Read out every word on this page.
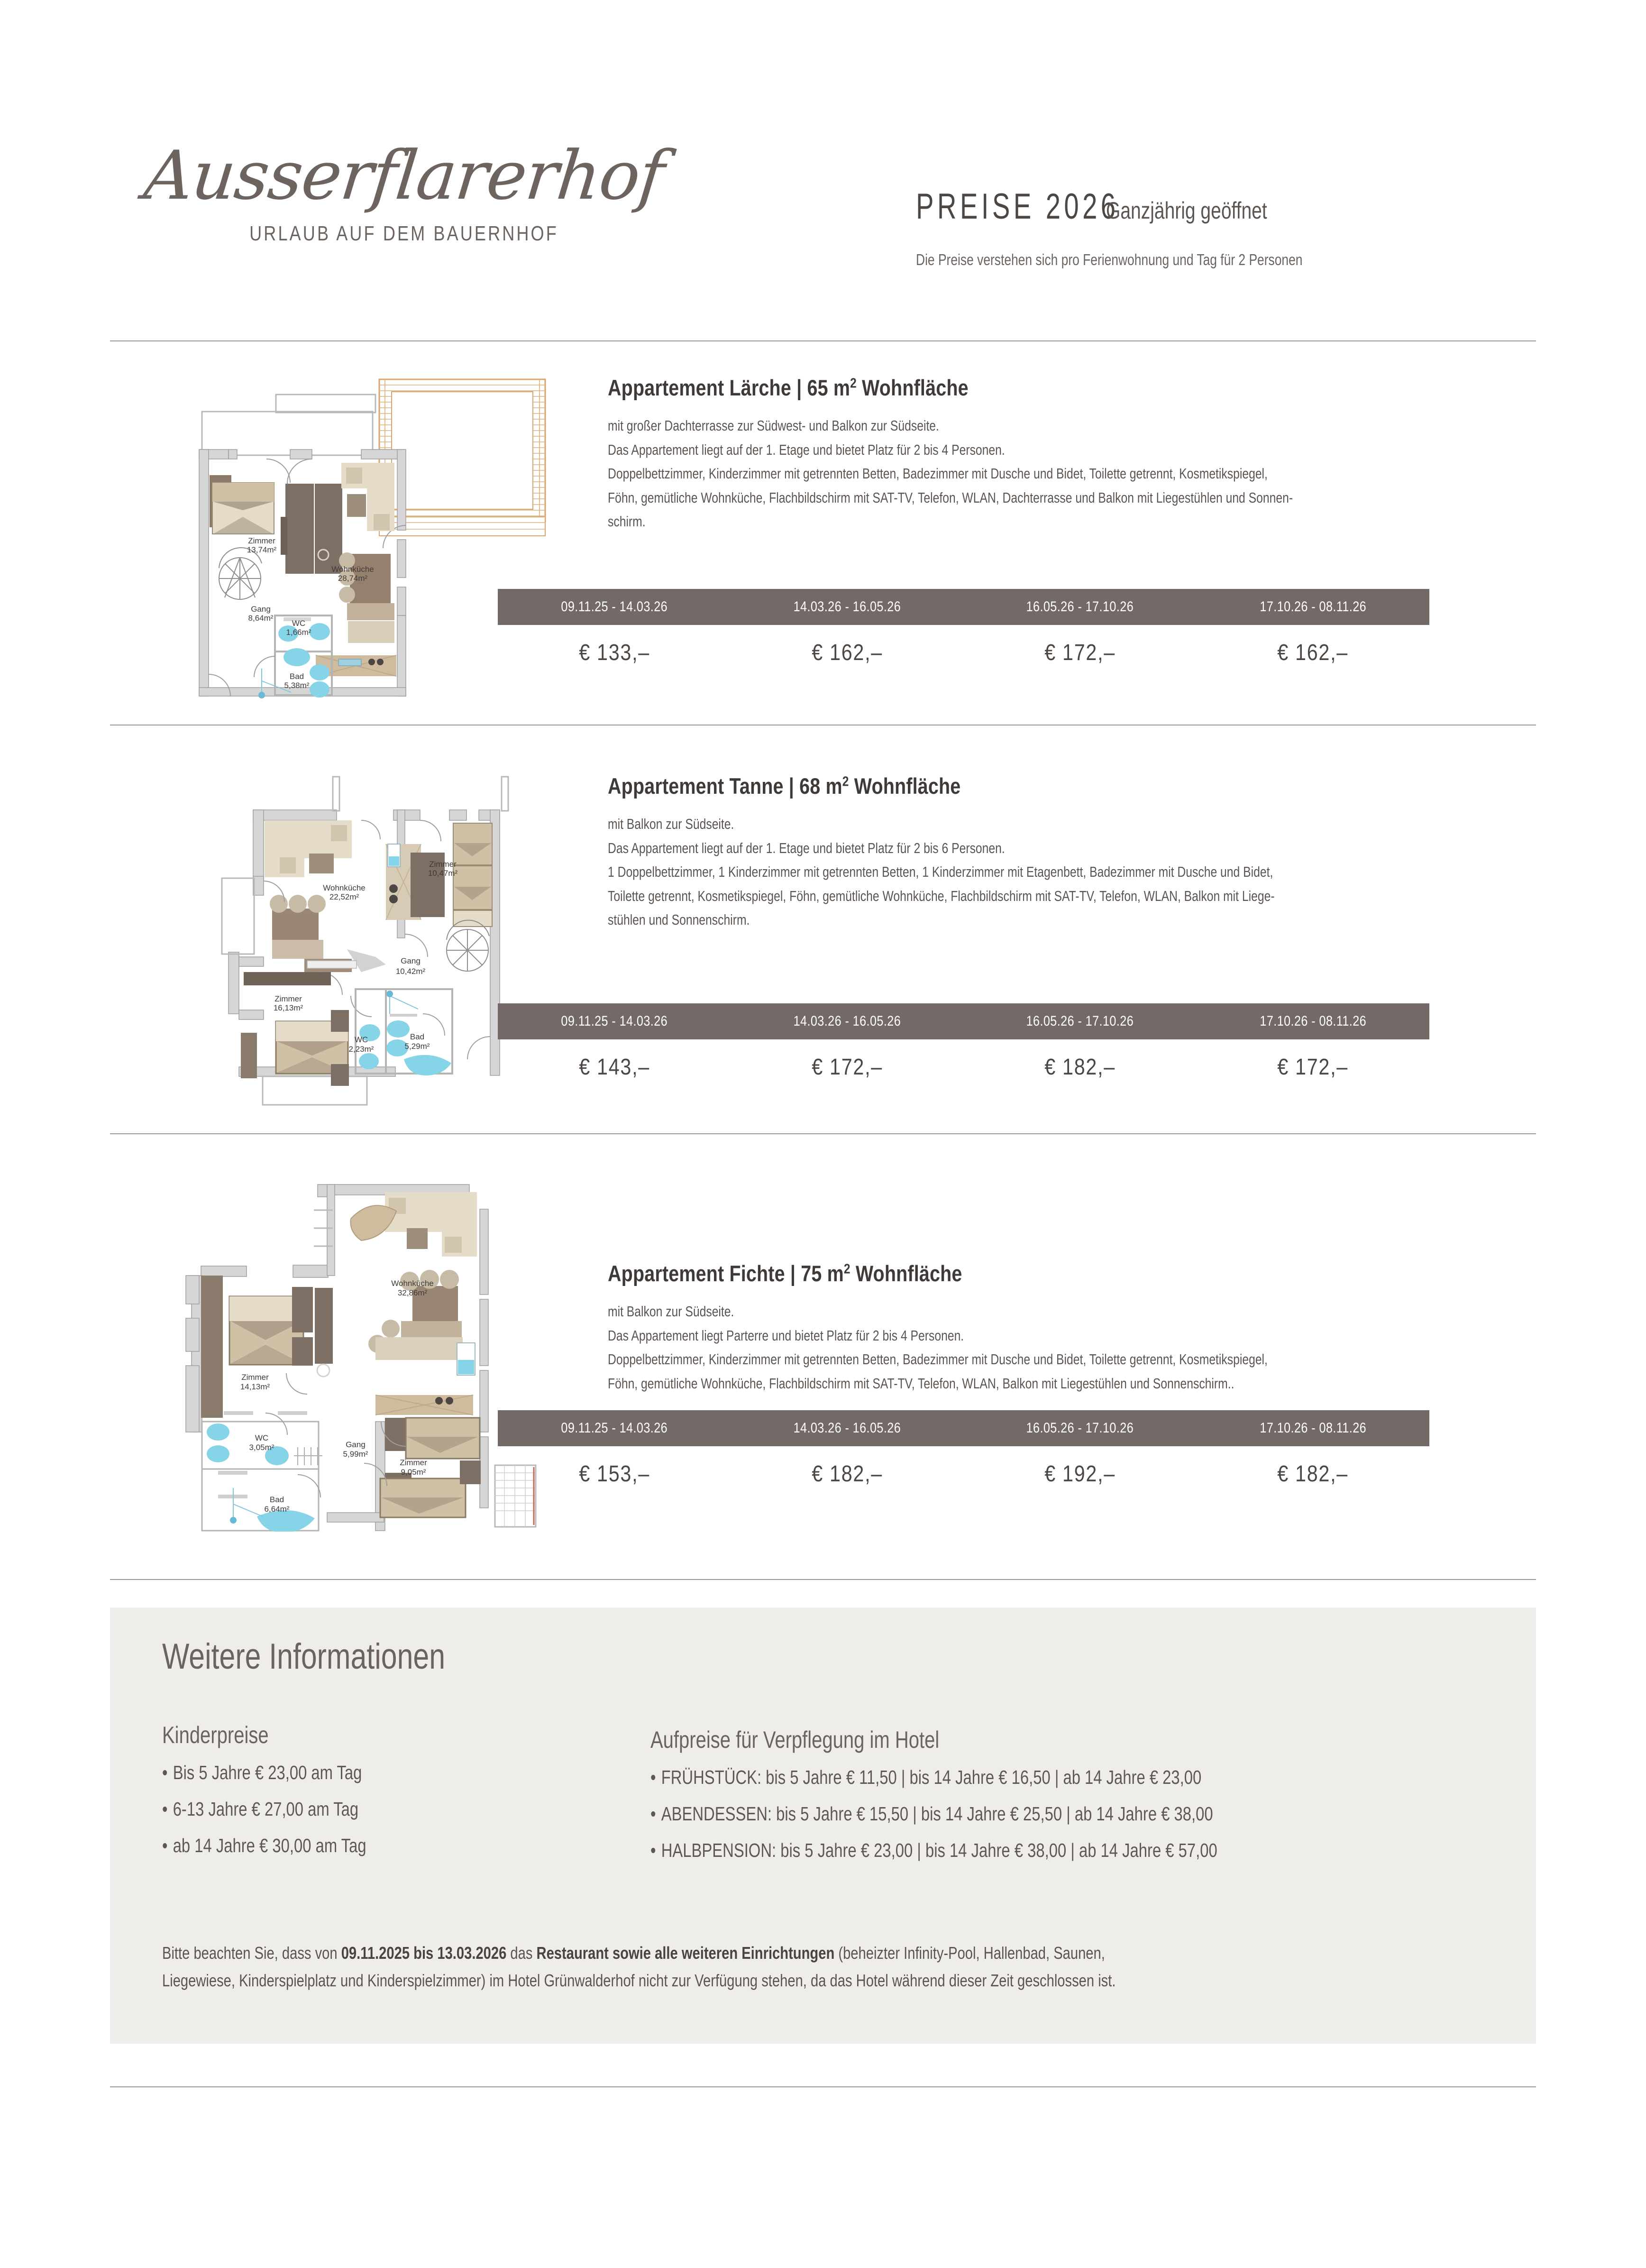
Ausserflarerhof
URLAUB AUF DEM BAUERNHOF
PREISE 2026
Ganzjährig geöffnet
Die Preise verstehen sich pro Ferienwohnung und Tag für 2 Personen
Zimmer
13,74m²
Wohnküche
28,74m²
Gang
8,64m²
WC
1,66m²
Bad
5,38m²
Appartement Lärche | 65 $m^2$ Wohnfläche

mit großer Dachterrasse zur Südwest- und Balkon zur Südseite.

Das Appartement liegt auf der 1. Etage und bietet Platz für 2 bis 4 Personen.

Doppelbettzimmer, Kinderzimmer mit getrennten Betten, Badezimmer mit Dusche und Bidet, Toilette getrennt, Kosmetikspiegel,

Föhn, gemütliche Wohnküche, Flachbildschirm mit SAT-TV, Telefon, WLAN, Dachterrasse und Balkon mit Liegestühlen und Sonnen-

schirm.

09.11.25 - 14.03.26	14.03.26 - 16.05.26	16.05.26 - 17.10.26	17.10.26 - 08.11.26
€ 133,–	€ 162,–	€ 172,–	€ 162,–
Wohnküche
22,52m²
Zimmer
10,47m²
Zimmer
16,13m²
Gang
10,42m²
WC
2,23m²
Bad
5,29m²
Appartement Tanne | 68 $m^2$ Wohnfläche

mit Balkon zur Südseite.

Das Appartement liegt auf der 1. Etage und bietet Platz für 2 bis 6 Personen.

1 Doppelbettzimmer, 1 Kinderzimmer mit getrennten Betten, 1 Kinderzimmer mit Etagenbett, Badezimmer mit Dusche und Bidet,

Toilette getrennt, Kosmetikspiegel, Föhn, gemütliche Wohnküche, Flachbildschirm mit SAT-TV, Telefon, WLAN, Balkon mit Liege-

stühlen und Sonnenschirm.

09.11.25 - 14.03.26	14.03.26 - 16.05.26	16.05.26 - 17.10.26	17.10.26 - 08.11.26
€ 143,–	€ 172,–	€ 182,–	€ 172,–
Wohnküche
32,86m²
Zimmer
14,13m²
Zimmer
9,05m²
Gang
5,99m²
WC
3,05m²
Bad
6,64m²
Appartement Fichte | 75 $m^2$ Wohnfläche

mit Balkon zur Südseite.

Das Appartement liegt Parterre und bietet Platz für 2 bis 4 Personen.

Doppelbettzimmer, Kinderzimmer mit getrennten Betten, Badezimmer mit Dusche und Bidet, Toilette getrennt, Kosmetikspiegel,

Föhn, gemütliche Wohnküche, Flachbildschirm mit SAT-TV, Telefon, WLAN, Balkon mit Liegestühlen und Sonnenschirm..

09.11.25 - 14.03.26	14.03.26 - 16.05.26	16.05.26 - 17.10.26	17.10.26 - 08.11.26
€ 153,–	€ 182,–	€ 192,–	€ 182,–
Weitere Informationen
Kinderpreise
• Bis 5 Jahre € 23,00 am Tag
• 6-13 Jahre € 27,00 am Tag
• ab 14 Jahre € 30,00 am Tag
Aufpreise für Verpflegung im Hotel
• FRÜHSTÜCK: bis 5 Jahre € 11,50 | bis 14 Jahre € 16,50 | ab 14 Jahre € 23,00
• ABENDESSEN: bis 5 Jahre € 15,50 | bis 14 Jahre € 25,50 | ab 14 Jahre € 38,00
• HALBPENSION: bis 5 Jahre € 23,00 | bis 14 Jahre € 38,00 | ab 14 Jahre € 57,00

Bitte beachten Sie, dass von 09.11.2025 bis 13.03.2026 das Restaurant sowie alle weiteren Einrichtungen (beheizter Infinity-Pool, Hallenbad, Saunen,

Liegewiese, Kinderspielplatz und Kinderspielzimmer) im Hotel Grünwalderhof nicht zur Verfügung stehen, da das Hotel während dieser Zeit geschlossen ist.
